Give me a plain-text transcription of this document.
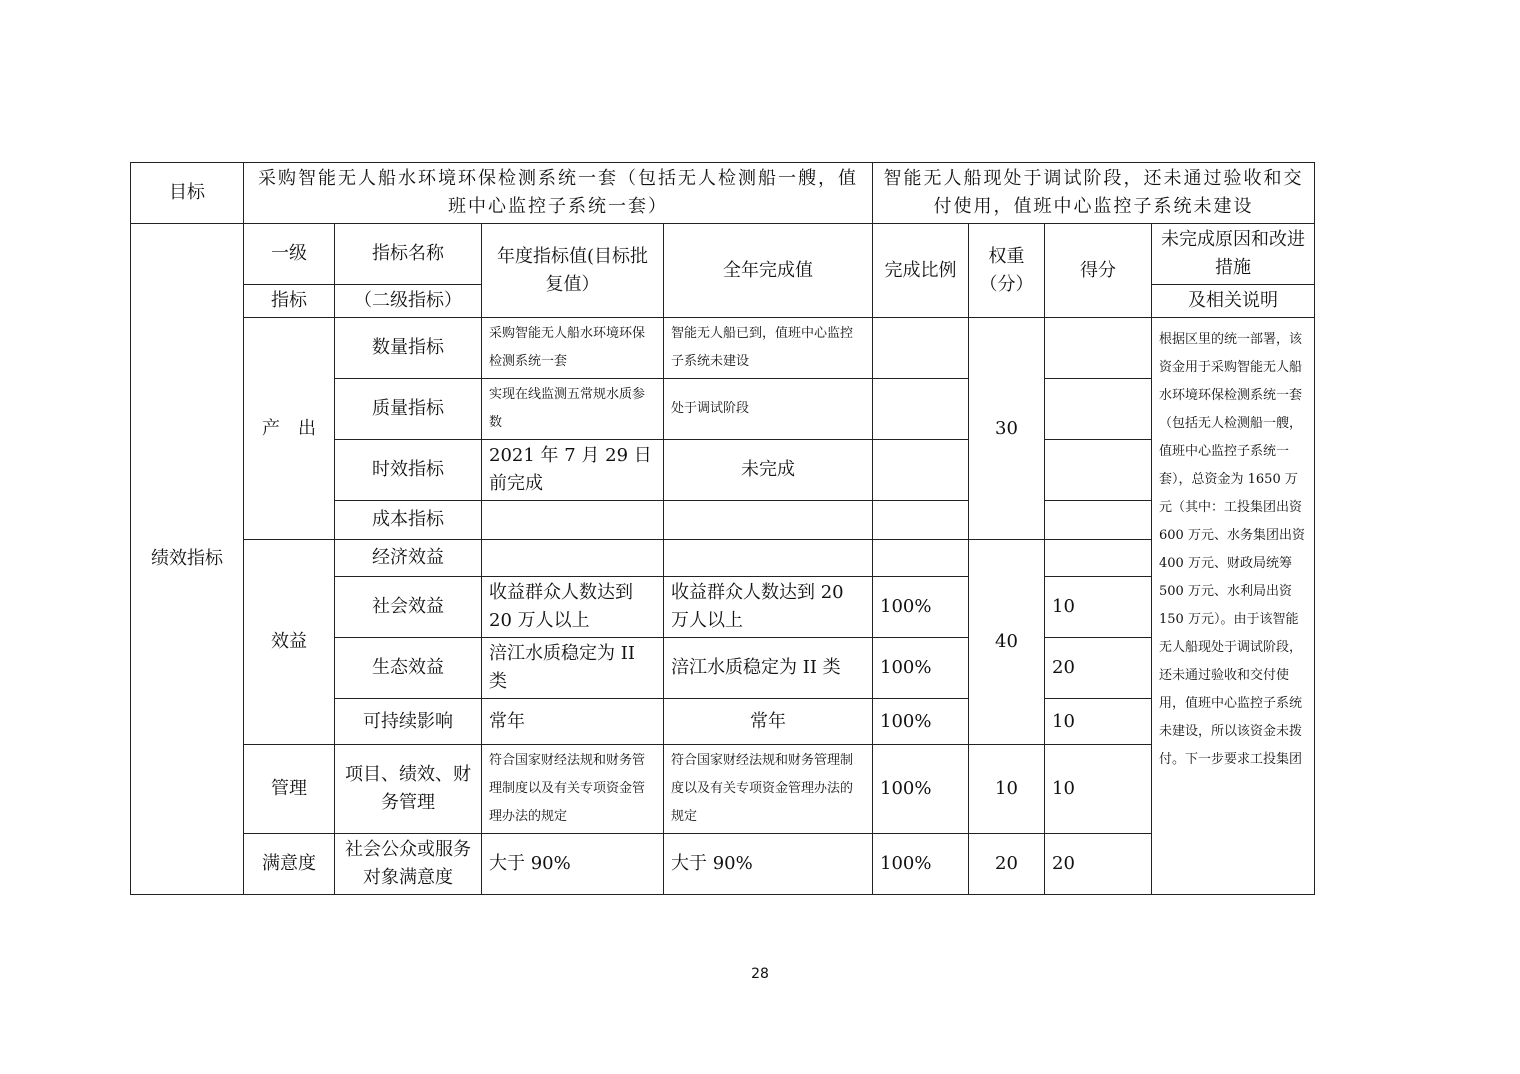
目标	采购智能无人船水环境环保检测系统一套（包括无人检测船一艘，值班中心监控子系统一套）				智能无人船现处于调试阶段，还未通过验收和交付使用，值班中心监控子系统未建设			
绩效指标	一级	指标名称	年度指标值(目标批复值）	全年完成值	完成比例	权重（分）	得分	未完成原因和改进措施
	指标	（二级指标）						及相关说明
	产　出	数量指标	采购智能无人船水环境环保检测系统一套	智能无人船已到，值班中心监控子系统未建设		30		根据区里的统一部署，该资金用于采购智能无人船水环境环保检测系统一套（包括无人检测船一艘，值班中心监控子系统一套），总资金为 1650 万元（其中：工投集团出资 600 万元、水务集团出资 400 万元、财政局统筹 500 万元、水利局出资 150 万元）。由于该智能无人船现处于调试阶段，还未通过验收和交付使用，值班中心监控子系统未建设，所以该资金未拨付。下一步要求工投集团
		质量指标	实现在线监测五常规水质参数	处于调试阶段				
		时效指标	2021 年 7 月 29 日前完成	未完成				
		成本指标						
	效益	经济效益				40		
		社会效益	收益群众人数达到 20 万人以上	收益群众人数达到 20 万人以上	100%		10	
		生态效益	涪江水质稳定为 II 类	涪江水质稳定为 II 类	100%		20	
		可持续影响	常年	常年	100%		10	
	管理	项目、绩效、财务管理	符合国家财经法规和财务管理制度以及有关专项资金管理办法的规定	符合国家财经法规和财务管理制度以及有关专项资金管理办法的规定	100%	10	10	
	满意度	社会公众或服务对象满意度	大于 90%	大于 90%	100%	20	20	
28
